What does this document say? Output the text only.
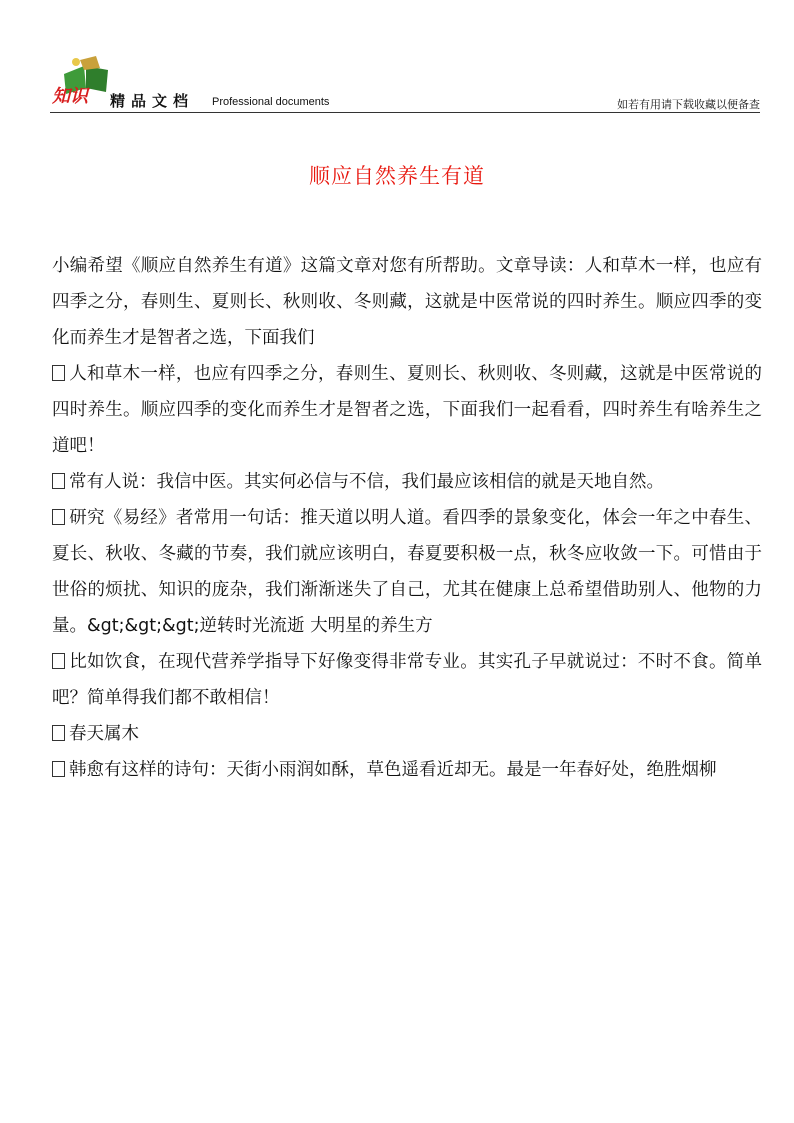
知识 精品文档 Professional documents	如若有用请下载收藏以便备查
顺应自然养生有道

小编希望《顺应自然养生有道》这篇文章对您有所帮助。文章导读：人和草木一样，也应有四季之分，春则生、夏则长、秋则收、冬则藏，这就是中医常说的四时养生。顺应四季的变化而养生才是智者之选，下面我们

人和草木一样，也应有四季之分，春则生、夏则长、秋则收、冬则藏，这就是中医常说的四时养生。顺应四季的变化而养生才是智者之选，下面我们一起看看，四时养生有啥养生之道吧！

常有人说：我信中医。其实何必信与不信，我们最应该相信的就是天地自然。

研究《易经》者常用一句话：推天道以明人道。看四季的景象变化，体会一年之中春生、夏长、秋收、冬藏的节奏，我们就应该明白，春夏要积极一点，秋冬应收敛一下。可惜由于世俗的烦扰、知识的庞杂，我们渐渐迷失了自己，尤其在健康上总希望借助别人、他物的力量。&gt;&gt;&gt;逆转时光流逝 大明星的养生方

比如饮食，在现代营养学指导下好像变得非常专业。其实孔子早就说过：不时不食。简单吧？简单得我们都不敢相信！

春天属木

韩愈有这样的诗句：天街小雨润如酥，草色遥看近却无。最是一年春好处，绝胜烟柳
